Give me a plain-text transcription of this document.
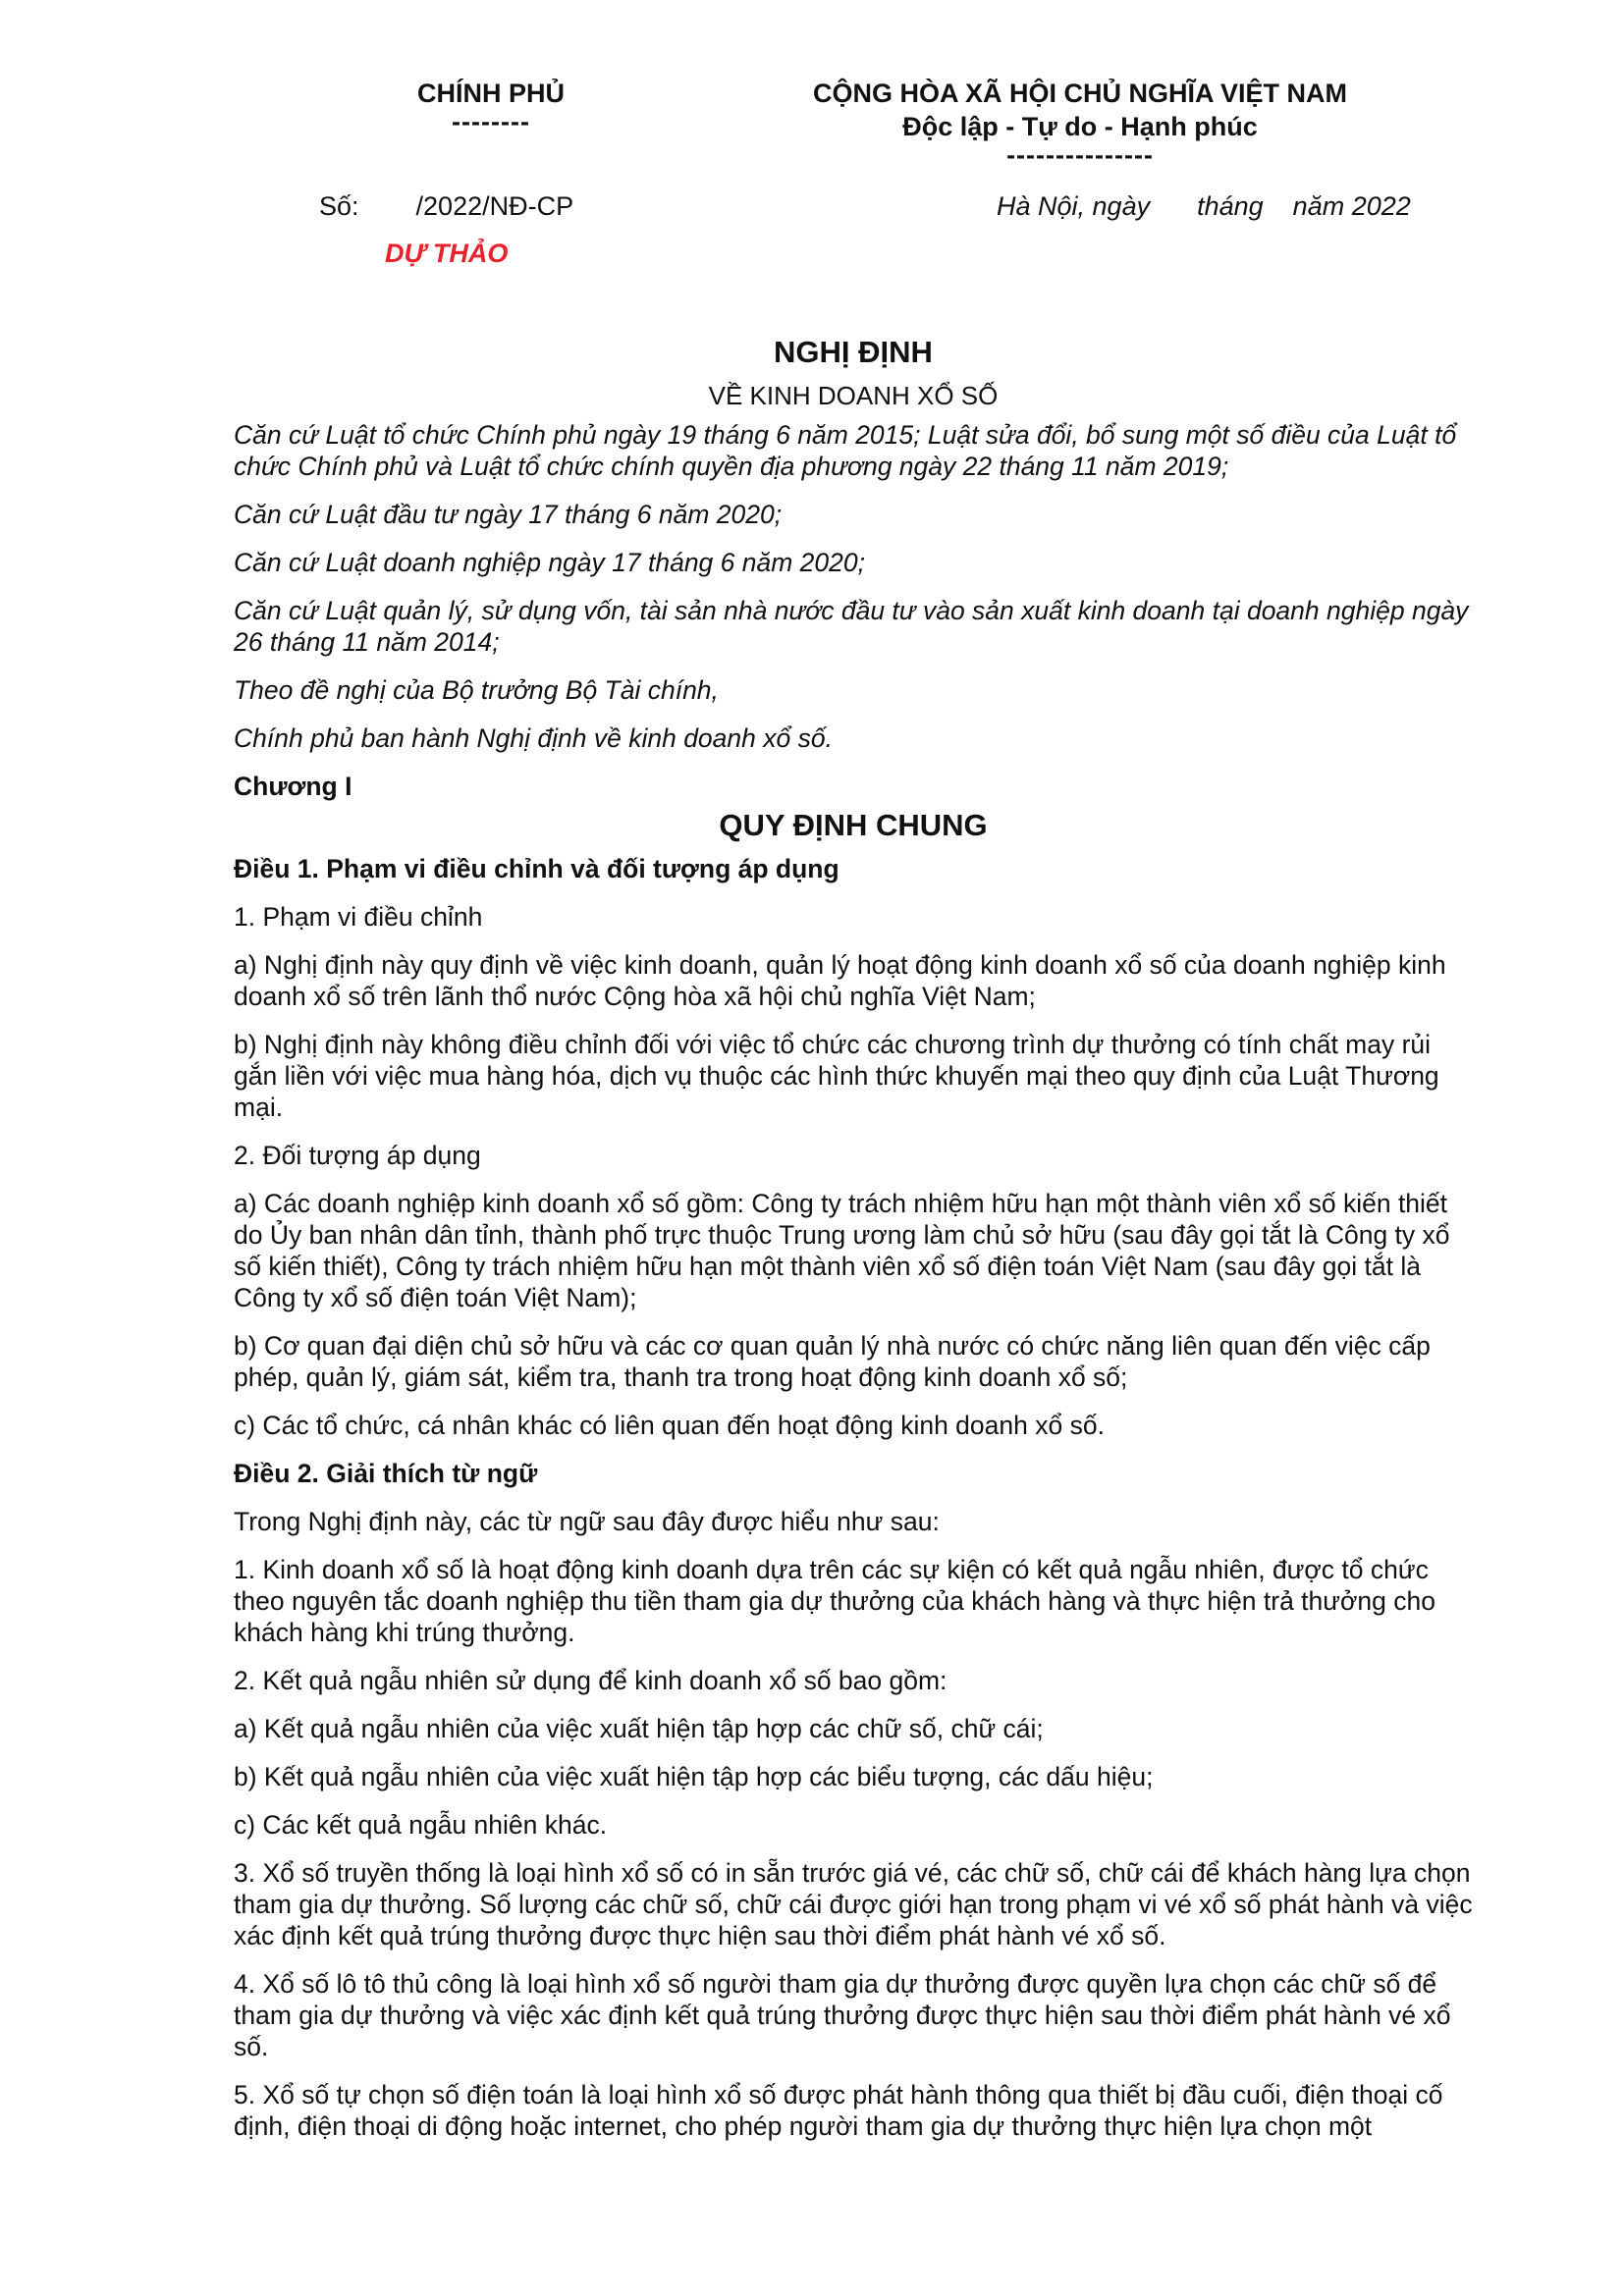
CHÍNH PHỦ
--------
CỘNG HÒA XÃ HỘI CHỦ NGHĨA VIỆT NAM
Độc lập - Tự do - Hạnh phúc
---------------
Số: /2022/NĐ-CP	Hà Nội, ngày tháng năm 2022
DỰ THẢO
NGHỊ ĐỊNH
VỀ KINH DOANH XỔ SỐ

Căn cứ Luật tổ chức Chính phủ ngày 19 tháng 6 năm 2015; Luật sửa đổi, bổ sung một số điều của Luật tổ chức Chính phủ và Luật tổ chức chính quyền địa phương ngày 22 tháng 11 năm 2019;

Căn cứ Luật đầu tư ngày 17 tháng 6 năm 2020;

Căn cứ Luật doanh nghiệp ngày 17 tháng 6 năm 2020;

Căn cứ Luật quản lý, sử dụng vốn, tài sản nhà nước đầu tư vào sản xuất kinh doanh tại doanh nghiệp ngày 26 tháng 11 năm 2014;

Theo đề nghị của Bộ trưởng Bộ Tài chính,

Chính phủ ban hành Nghị định về kinh doanh xổ số.

Chương I
QUY ĐỊNH CHUNG
Điều 1. Phạm vi điều chỉnh và đối tượng áp dụng

1. Phạm vi điều chỉnh

a) Nghị định này quy định về việc kinh doanh, quản lý hoạt động kinh doanh xổ số của doanh nghiệp kinh doanh xổ số trên lãnh thổ nước Cộng hòa xã hội chủ nghĩa Việt Nam;

b) Nghị định này không điều chỉnh đối với việc tổ chức các chương trình dự thưởng có tính chất may rủi gắn liền với việc mua hàng hóa, dịch vụ thuộc các hình thức khuyến mại theo quy định của Luật Thương mại.

2. Đối tượng áp dụng

a) Các doanh nghiệp kinh doanh xổ số gồm: Công ty trách nhiệm hữu hạn một thành viên xổ số kiến thiết do Ủy ban nhân dân tỉnh, thành phố trực thuộc Trung ương làm chủ sở hữu (sau đây gọi tắt là Công ty xổ số kiến thiết), Công ty trách nhiệm hữu hạn một thành viên xổ số điện toán Việt Nam (sau đây gọi tắt là Công ty xổ số điện toán Việt Nam);

b) Cơ quan đại diện chủ sở hữu và các cơ quan quản lý nhà nước có chức năng liên quan đến việc cấp phép, quản lý, giám sát, kiểm tra, thanh tra trong hoạt động kinh doanh xổ số;

c) Các tổ chức, cá nhân khác có liên quan đến hoạt động kinh doanh xổ số.

Điều 2. Giải thích từ ngữ

Trong Nghị định này, các từ ngữ sau đây được hiểu như sau:

1. Kinh doanh xổ số là hoạt động kinh doanh dựa trên các sự kiện có kết quả ngẫu nhiên, được tổ chức theo nguyên tắc doanh nghiệp thu tiền tham gia dự thưởng của khách hàng và thực hiện trả thưởng cho khách hàng khi trúng thưởng.

2. Kết quả ngẫu nhiên sử dụng để kinh doanh xổ số bao gồm:

a) Kết quả ngẫu nhiên của việc xuất hiện tập hợp các chữ số, chữ cái;

b) Kết quả ngẫu nhiên của việc xuất hiện tập hợp các biểu tượng, các dấu hiệu;

c) Các kết quả ngẫu nhiên khác.

3. Xổ số truyền thống là loại hình xổ số có in sẵn trước giá vé, các chữ số, chữ cái để khách hàng lựa chọn tham gia dự thưởng. Số lượng các chữ số, chữ cái được giới hạn trong phạm vi vé xổ số phát hành và việc xác định kết quả trúng thưởng được thực hiện sau thời điểm phát hành vé xổ số.

4. Xổ số lô tô thủ công là loại hình xổ số người tham gia dự thưởng được quyền lựa chọn các chữ số để tham gia dự thưởng và việc xác định kết quả trúng thưởng được thực hiện sau thời điểm phát hành vé xổ số.

5. Xổ số tự chọn số điện toán là loại hình xổ số được phát hành thông qua thiết bị đầu cuối, điện thoại cố định, điện thoại di động hoặc internet, cho phép người tham gia dự thưởng thực hiện lựa chọn một
